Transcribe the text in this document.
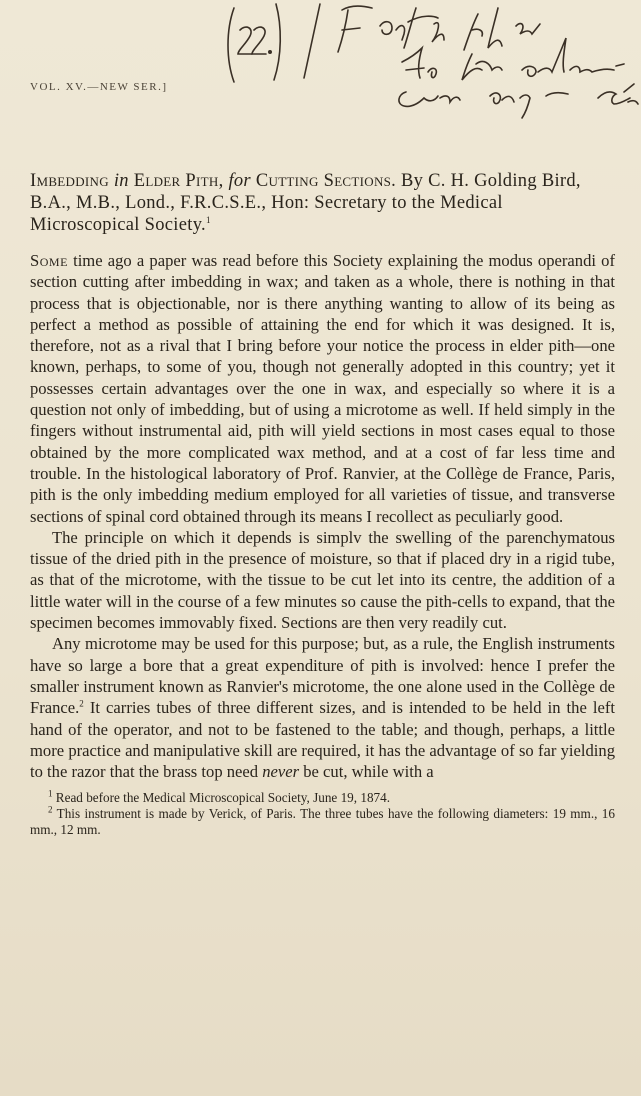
VOL. XV.—NEW SER.]
Imbedding in Elder Pith, for Cutting Sections. By C. H. Golding Bird, B.A., M.B., Lond., F.R.C.S.E., Hon: Secretary to the Medical Microscopical Society.$^1$

Some time ago a paper was read before this Society explaining the modus operandi of section cutting after imbedding in wax; and taken as a whole, there is nothing in that process that is objectionable, nor is there anything wanting to allow of its being as perfect a method as possible of attaining the end for which it was designed. It is, therefore, not as a rival that I bring before your notice the process in elder pith—one known, perhaps, to some of you, though not generally adopted in this country; yet it possesses certain advantages over the one in wax, and especially so where it is a question not only of imbedding, but of using a microtome as well. If held simply in the fingers without instrumental aid, pith will yield sections in most cases equal to those obtained by the more complicated wax method, and at a cost of far less time and trouble. In the histological laboratory of Prof. Ranvier, at the Collège de France, Paris, pith is the only imbedding medium employed for all varieties of tissue, and transverse sections of spinal cord obtained through its means I recollect as peculiarly good.

The principle on which it depends is simplv the swelling of the parenchymatous tissue of the dried pith in the presence of moisture, so that if placed dry in a rigid tube, as that of the microtome, with the tissue to be cut let into its centre, the addition of a little water will in the course of a few minutes so cause the pith-cells to expand, that the specimen becomes immovably fixed. Sections are then very readily cut.

Any microtome may be used for this purpose; but, as a rule, the English instruments have so large a bore that a great expenditure of pith is involved: hence I prefer the smaller instrument known as Ranvier's microtome, the one alone used in the Collège de France.$^2$ It carries tubes of three different sizes, and is intended to be held in the left hand of the operator, and not to be fastened to the table; and though, perhaps, a little more practice and manipulative skill are required, it has the advantage of so far yielding to the razor that the brass top need never be cut, while with a

$^1$ Read before the Medical Microscopical Society, June 19, 1874.

$^2$ This instrument is made by Verick, of Paris. The three tubes have the following diameters: 19 mm., 16 mm., 12 mm.
